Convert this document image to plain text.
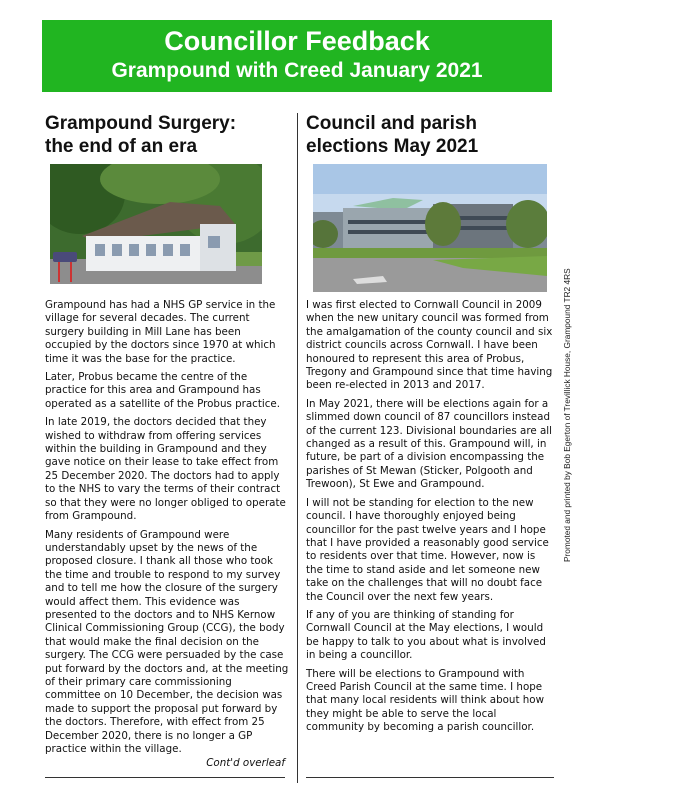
Councillor Feedback
Grampound with Creed January 2021
Grampound Surgery:
the end of an era

Grampound has had a NHS GP service in the village for several decades. The current surgery building in Mill Lane has been occupied by the doctors since 1970 at which time it was the base for the practice.

Later, Probus became the centre of the practice for this area and Grampound has operated as a satellite of the Probus practice.

In late 2019, the doctors decided that they wished to withdraw from offering services within the building in Grampound and they gave notice on their lease to take effect from 25 December 2020. The doctors had to apply to the NHS to vary the terms of their contract so that they were no longer obliged to operate from Grampound.

Many residents of Grampound were understandably upset by the news of the proposed closure. I thank all those who took the time and trouble to respond to my survey and to tell me how the closure of the surgery would affect them. This evidence was presented to the doctors and to NHS Kernow Clinical Commissioning Group (CCG), the body that would make the final decision on the surgery. The CCG were persuaded by the case put forward by the doctors and, at the meeting of their primary care commissioning committee on 10 December, the decision was made to support the proposal put forward by the doctors. Therefore, with effect from 25 December 2020, there is no longer a GP practice within the village.

Cont'd overleaf
Council and parish
elections May 2021

I was first elected to Cornwall Council in 2009 when the new unitary council was formed from the amalgamation of the county council and six district councils across Cornwall. I have been honoured to represent this area of Probus, Tregony and Grampound since that time having been re-elected in 2013 and 2017.

In May 2021, there will be elections again for a slimmed down council of 87 councillors instead of the current 123. Divisional boundaries are all changed as a result of this. Grampound will, in future, be part of a division encompassing the parishes of St Mewan (Sticker, Polgooth and Trewoon), St Ewe and Grampound.

I will not be standing for election to the new council. I have thoroughly enjoyed being councillor for the past twelve years and I hope that I have provided a reasonably good service to residents over that time. However, now is the time to stand aside and let someone new take on the challenges that will no doubt face the Council over the next few years.

If any of you are thinking of standing for Cornwall Council at the May elections, I would be happy to talk to you about what is involved in being a councillor.

There will be elections to Grampound with Creed Parish Council at the same time. I hope that many local residents will think about how they might be able to serve the local community by becoming a parish councillor.

Promoted and printed by Bob Egerton of Trevillick House, Grampound TR2 4RS
